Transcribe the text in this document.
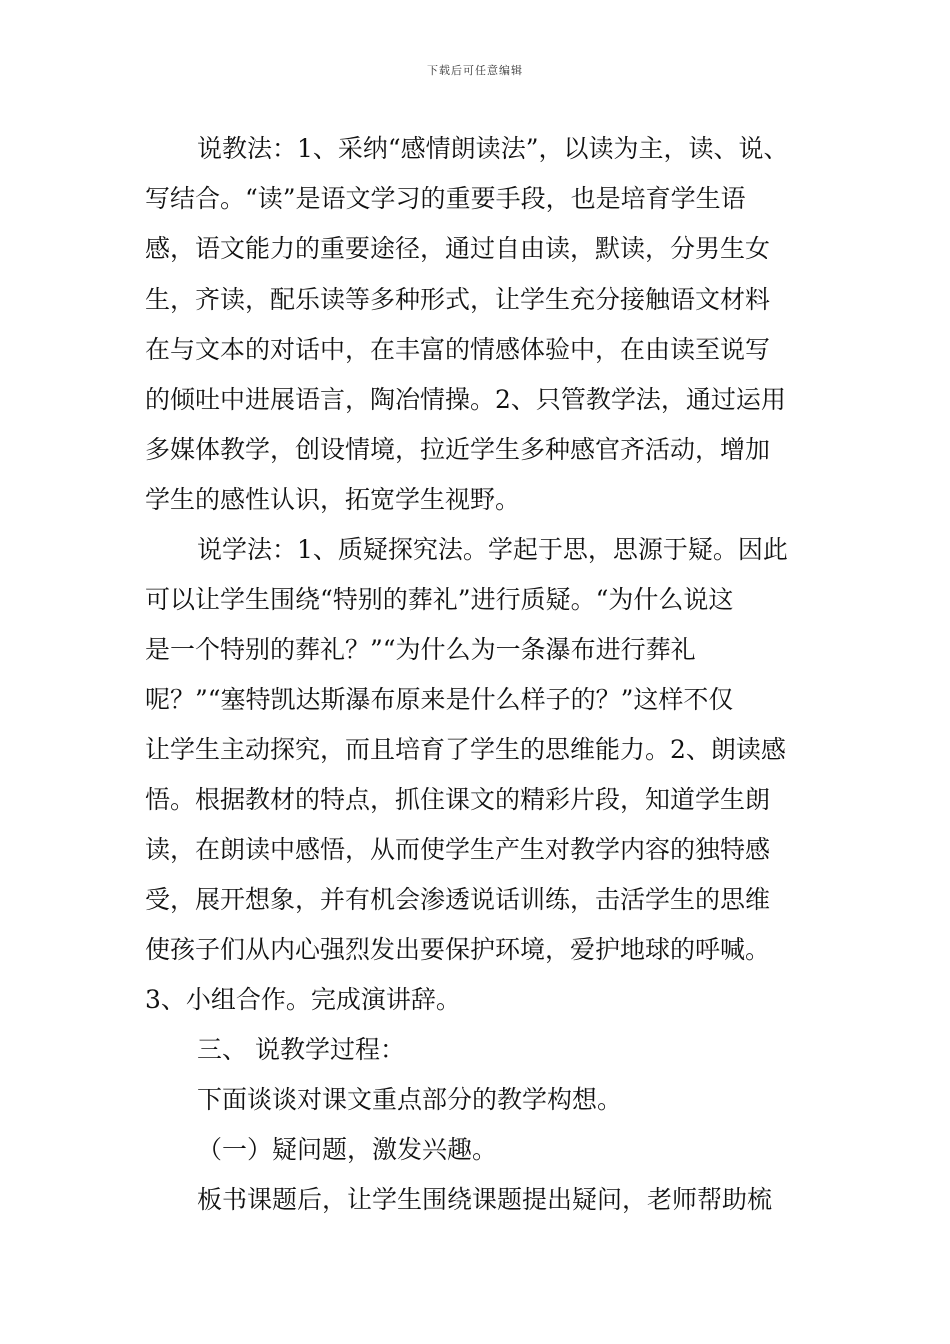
下载后可任意编辑
说教法：1、采纳“感情朗读法”，以读为主，读、说、
写结合。“读”是语文学习的重要手段，也是培育学生语
感，语文能力的重要途径，通过自由读，默读，分男生女
生，齐读，配乐读等多种形式，让学生充分接触语文材料
在与文本的对话中，在丰富的情感体验中，在由读至说写
的倾吐中进展语言，陶冶情操。2、只管教学法，通过运用
多媒体教学，创设情境，拉近学生多种感官齐活动，增加
学生的感性认识，拓宽学生视野。
说学法：1、质疑探究法。学起于思，思源于疑。因此
可以让学生围绕“特别的葬礼”进行质疑。“为什么说这
是一个特别的葬礼？”“为什么为一条瀑布进行葬礼
呢？”“塞特凯达斯瀑布原来是什么样子的？”这样不仅
让学生主动探究，而且培育了学生的思维能力。2、朗读感
悟。根据教材的特点，抓住课文的精彩片段，知道学生朗
读，在朗读中感悟，从而使学生产生对教学内容的独特感
受，展开想象，并有机会渗透说话训练，击活学生的思维
使孩子们从内心强烈发出要保护环境，爱护地球的呼喊。
3、小组合作。完成演讲辞。
三、 说教学过程：
下面谈谈对课文重点部分的教学构想。
（一）疑问题，激发兴趣。
板书课题后，让学生围绕课题提出疑问，老师帮助梳
